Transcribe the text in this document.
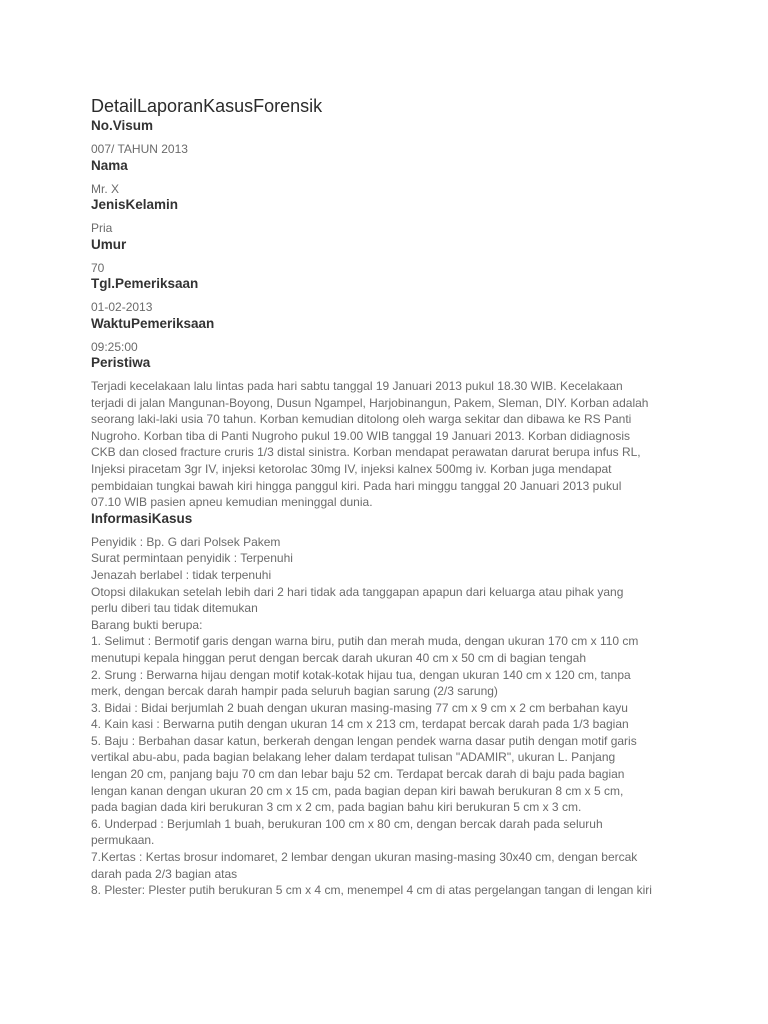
DetailLaporanKasusForensik
No.Visum
007/ TAHUN 2013
Nama
Mr. X
JenisKelamin
Pria
Umur
70
Tgl.Pemeriksaan
01-02-2013
WaktuPemeriksaan
09:25:00
Peristiwa
Terjadi kecelakaan lalu lintas pada hari sabtu tanggal 19 Januari 2013 pukul 18.30 WIB. Kecelakaan
terjadi di jalan Mangunan-Boyong, Dusun Ngampel, Harjobinangun, Pakem, Sleman, DIY. Korban adalah
seorang laki-laki usia 70 tahun. Korban kemudian ditolong oleh warga sekitar dan dibawa ke RS Panti
Nugroho. Korban tiba di Panti Nugroho pukul 19.00 WIB tanggal 19 Januari 2013. Korban didiagnosis
CKB dan closed fracture cruris 1/3 distal sinistra. Korban mendapat perawatan darurat berupa infus RL,
Injeksi piracetam 3gr IV, injeksi ketorolac 30mg IV, injeksi kalnex 500mg iv. Korban juga mendapat
pembidaian tungkai bawah kiri hingga panggul kiri. Pada hari minggu tanggal 20 Januari 2013 pukul
07.10 WIB pasien apneu kemudian meninggal dunia.
InformasiKasus
Penyidik : Bp. G dari Polsek Pakem
Surat permintaan penyidik : Terpenuhi
Jenazah berlabel : tidak terpenuhi
Otopsi dilakukan setelah lebih dari 2 hari tidak ada tanggapan apapun dari keluarga atau pihak yang
perlu diberi tau tidak ditemukan
Barang bukti berupa:
1. Selimut : Bermotif garis dengan warna biru, putih dan merah muda, dengan ukuran 170 cm x 110 cm
menutupi kepala hinggan perut dengan bercak darah ukuran 40 cm x 50 cm di bagian tengah
2. Srung : Berwarna hijau dengan motif kotak-kotak hijau tua, dengan ukuran 140 cm x 120 cm, tanpa
merk, dengan bercak darah hampir pada seluruh bagian sarung (2/3 sarung)
3. Bidai : Bidai berjumlah 2 buah dengan ukuran masing-masing 77 cm x 9 cm x 2 cm berbahan kayu
4. Kain kasi : Berwarna putih dengan ukuran 14 cm x 213 cm, terdapat bercak darah pada 1/3 bagian
5. Baju : Berbahan dasar katun, berkerah dengan lengan pendek warna dasar putih dengan motif garis
vertikal abu-abu, pada bagian belakang leher dalam terdapat tulisan "ADAMIR", ukuran L. Panjang
lengan 20 cm, panjang baju 70 cm dan lebar baju 52 cm. Terdapat bercak darah di baju pada bagian
lengan kanan dengan ukuran 20 cm x 15 cm, pada bagian depan kiri bawah berukuran 8 cm x 5 cm,
pada bagian dada kiri berukuran 3 cm x 2 cm, pada bagian bahu kiri berukuran 5 cm x 3 cm.
6. Underpad : Berjumlah 1 buah, berukuran 100 cm x 80 cm, dengan bercak darah pada seluruh
permukaan.
7.Kertas : Kertas brosur indomaret, 2 lembar dengan ukuran masing-masing 30x40 cm, dengan bercak
darah pada 2/3 bagian atas
8. Plester: Plester putih berukuran 5 cm x 4 cm, menempel 4 cm di atas pergelangan tangan di lengan kiri
